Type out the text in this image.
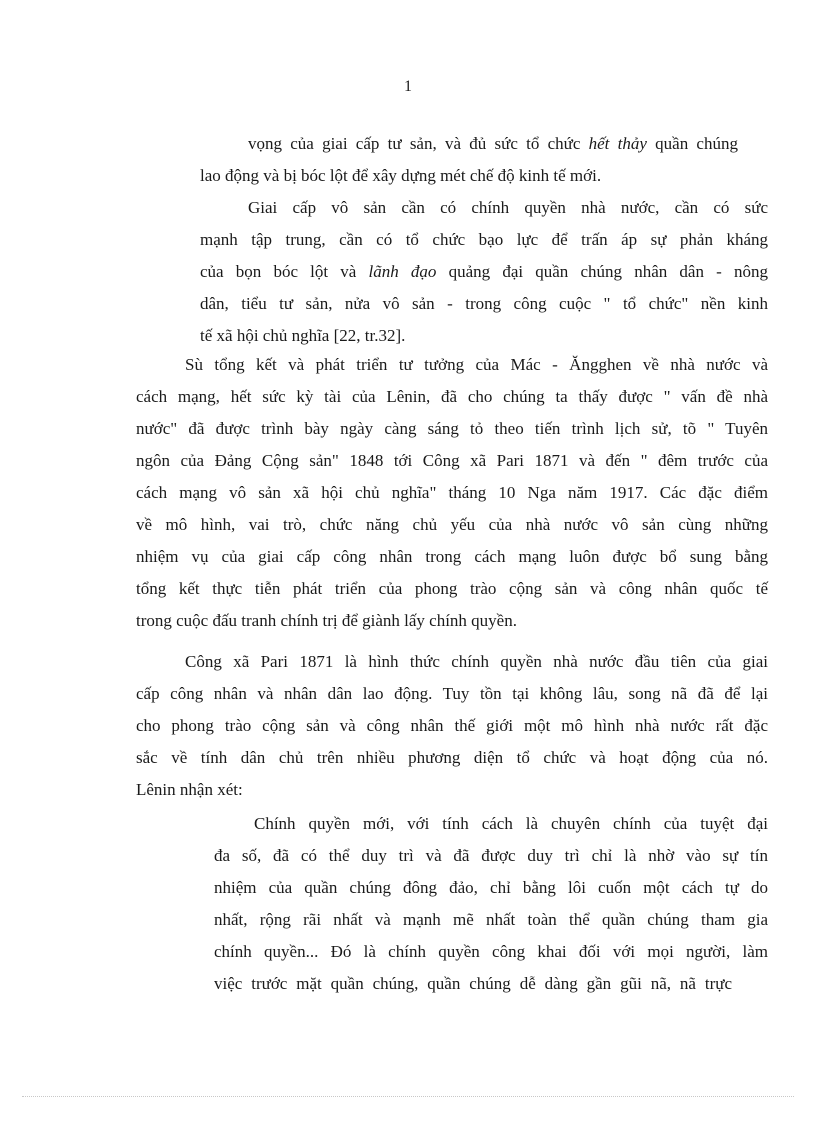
1
vọng của giai cấp tư sản, và đủ sức tổ chức hết thảy quần chúng
lao động và bị bóc lột để xây dựng mét chế độ kinh tế mới.
Giai cấp vô sản cần có chính quyền nhà nước, cần có sức
mạnh tập trung, cần có tổ chức bạo lực để trấn áp sự phản kháng
của bọn bóc lột và lãnh đạo quảng đại quần chúng nhân dân - nông
dân, tiểu tư sản, nửa vô sản - trong công cuộc " tổ chức" nền kinh
tế xã hội chủ nghĩa [22, tr.32].
Sù tổng kết và phát triển tư tưởng của Mác - Ăngghen về nhà nước và
cách mạng, hết sức kỳ tài của Lênin, đã cho chúng ta thấy được " vấn đề nhà
nước" đã được trình bày ngày càng sáng tỏ theo tiến trình lịch sử, tõ " Tuyên
ngôn của Đảng Cộng sản" 1848 tới Công xã Pari 1871 và đến " đêm trước của
cách mạng vô sản xã hội chủ nghĩa" tháng 10 Nga năm 1917. Các đặc điểm
về mô hình, vai trò, chức năng chủ yếu của nhà nước vô sản cùng những
nhiệm vụ của giai cấp công nhân trong cách mạng luôn được bổ sung bằng
tổng kết thực tiễn phát triển của phong trào cộng sản và công nhân quốc tế
trong cuộc đấu tranh chính trị để giành lấy chính quyền.
Công xã Pari 1871 là hình thức chính quyền nhà nước đầu tiên của giai
cấp công nhân và nhân dân lao động. Tuy tồn tại không lâu, song nã đã để lại
cho phong trào cộng sản và công nhân thế giới một mô hình nhà nước rất đặc
sắc về tính dân chủ trên nhiều phương diện tổ chức và hoạt động của nó.
Lênin nhận xét:
Chính quyền mới, với tính cách là chuyên chính của tuyệt đại
đa số, đã có thể duy trì và đã được duy trì chỉ là nhờ vào sự tín
nhiệm của quần chúng đông đảo, chỉ bằng lôi cuốn một cách tự do
nhất, rộng rãi nhất và mạnh mẽ nhất toàn thể quần chúng tham gia
chính quyền... Đó là chính quyền công khai đối với mọi người, làm
việc trước mặt quần chúng, quần chúng dễ dàng gần gũi nã, nã trực
